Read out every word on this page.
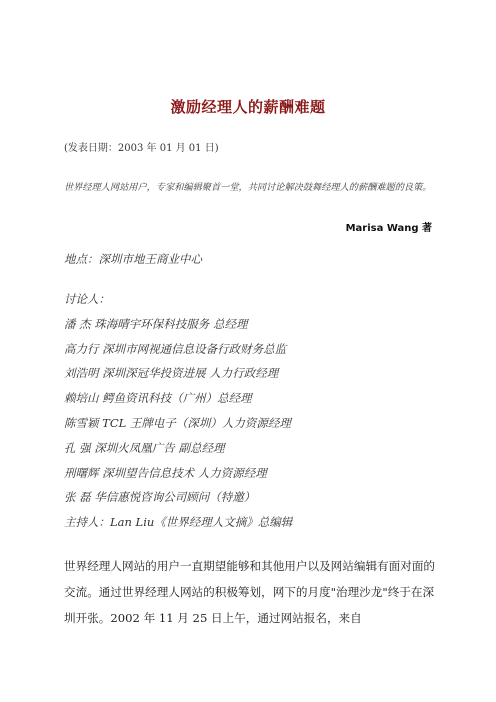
激励经理人的薪酬难题
(发表日期：2003 年 01 月 01 日)
世界经理人网站用户，专家和编辑聚首一堂，共同讨论解决鼓舞经理人的薪酬难题的良策。
Marisa Wang 著
地点：深圳市地王商业中心
讨论人：
潘 杰 珠海晴宇环保科技服务 总经理
高力行 深圳市网视通信息设备行政财务总监
刘浩明 深圳深冠华投资进展 人力行政经理
赖培山 鳄鱼资讯科技（广州）总经理
陈雪颖 TCL 王牌电子（深圳）人力资源经理
孔 强 深圳火凤凰广告 副总经理
刑曙辉 深圳望告信息技术 人力资源经理
张 磊 华信惠悦咨询公司顾问（特邀）
主持人：Lan Liu《世界经理人文摘》总编辑
世界经理人网站的用户一直期望能够和其他用户以及网站编辑有面对面的交流。通过世界经理人网站的积极筹划，网下的月度"治理沙龙"终于在深圳开张。2002 年 11 月 25 日上午，通过网站报名，来自
